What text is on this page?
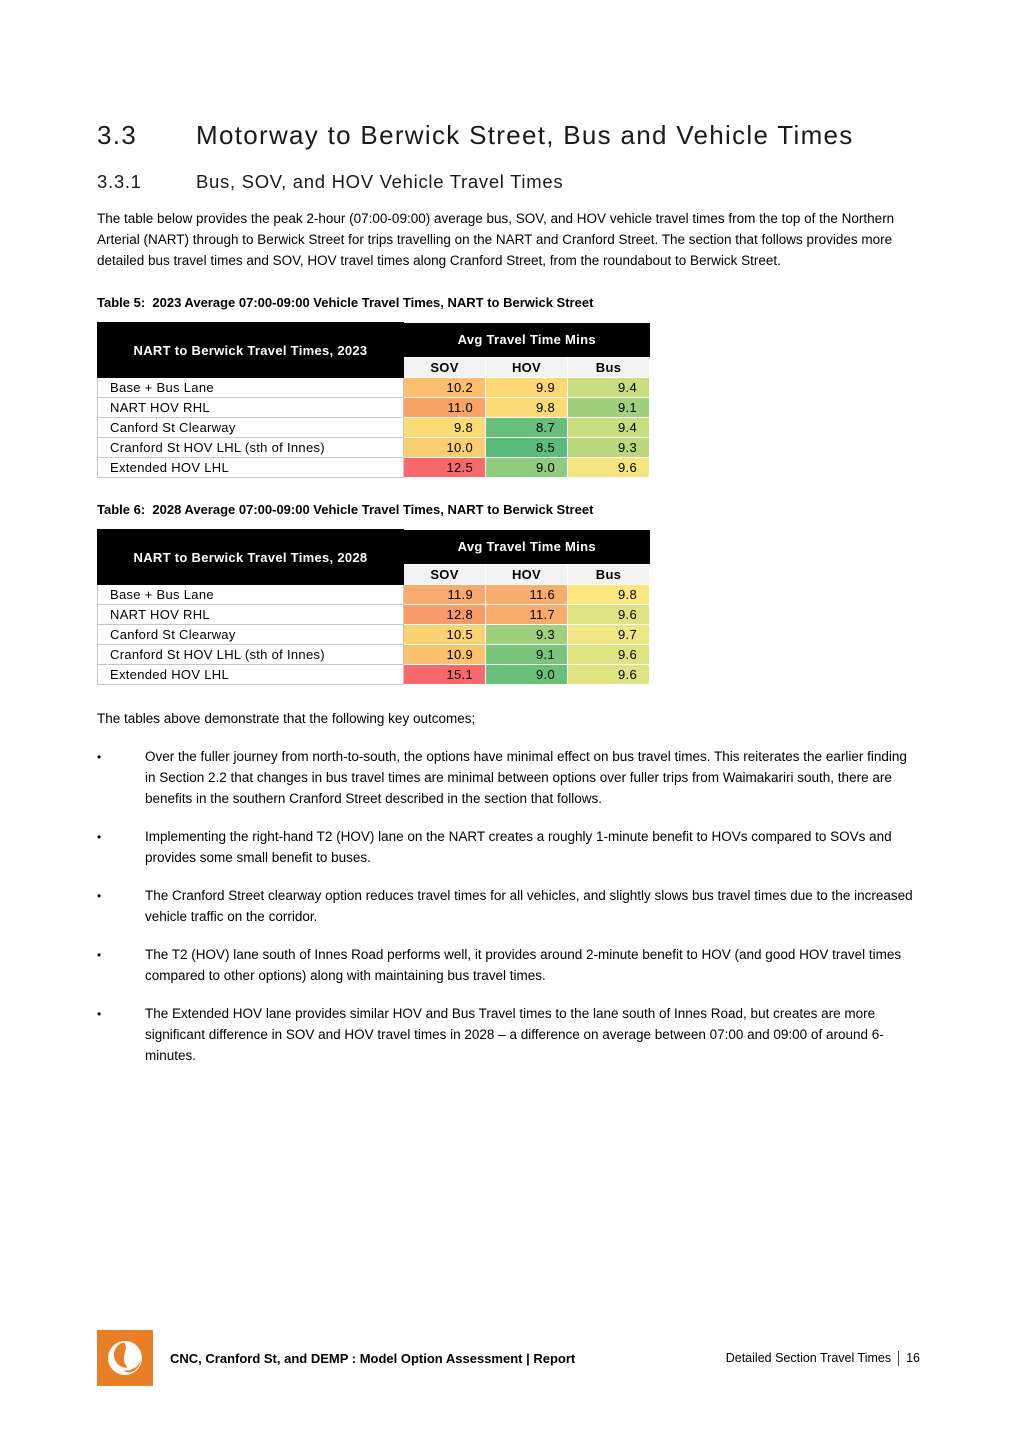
3.3	Motorway to Berwick Street, Bus and Vehicle Times
3.3.1	Bus, SOV, and HOV Vehicle Travel Times

The table below provides the peak 2-hour (07:00-09:00) average bus, SOV, and HOV vehicle travel times from the top of the Northern Arterial (NART) through to Berwick Street for trips travelling on the NART and Cranford Street. The section that follows provides more detailed bus travel times and SOV, HOV travel times along Cranford Street, from the roundabout to Berwick Street.

Table 5:  2023 Average 07:00-09:00 Vehicle Travel Times, NART to Berwick Street
NART to Berwick Travel Times, 2023	Avg Travel Time Mins		
	SOV	HOV	Bus
Base + Bus Lane	10.2	9.9	9.4
NART HOV RHL	11.0	9.8	9.1
Canford St Clearway	9.8	8.7	9.4
Cranford St HOV LHL (sth of Innes)	10.0	8.5	9.3
Extended HOV LHL	12.5	9.0	9.6
Table 6:  2028 Average 07:00-09:00 Vehicle Travel Times, NART to Berwick Street
NART to Berwick Travel Times, 2028	Avg Travel Time Mins		
	SOV	HOV	Bus
Base + Bus Lane	11.9	11.6	9.8
NART HOV RHL	12.8	11.7	9.6
Canford St Clearway	10.5	9.3	9.7
Cranford St HOV LHL (sth of Innes)	10.9	9.1	9.6
Extended HOV LHL	15.1	9.0	9.6

The tables above demonstrate that the following key outcomes;

•	Over the fuller journey from north-to-south, the options have minimal effect on bus travel times. This reiterates the earlier finding in Section 2.2 that changes in bus travel times are minimal between options over fuller trips from Waimakariri south, there are benefits in the southern Cranford Street described in the section that follows.
•	Implementing the right-hand T2 (HOV) lane on the NART creates a roughly 1-minute benefit to HOVs compared to SOVs and provides some small benefit to buses.
•	The Cranford Street clearway option reduces travel times for all vehicles, and slightly slows bus travel times due to the increased vehicle traffic on the corridor.
•	The T2 (HOV) lane south of Innes Road performs well, it provides around 2-minute benefit to HOV (and good HOV travel times compared to other options) along with maintaining bus travel times.
•	The Extended HOV lane provides similar HOV and Bus Travel times to the lane south of Innes Road, but creates are more significant difference in SOV and HOV travel times in 2028 – a difference on average between 07:00 and 09:00 of around 6-minutes.
CNC, Cranford St, and DEMP : Model Option Assessment | Report	Detailed Section Travel Times 16
